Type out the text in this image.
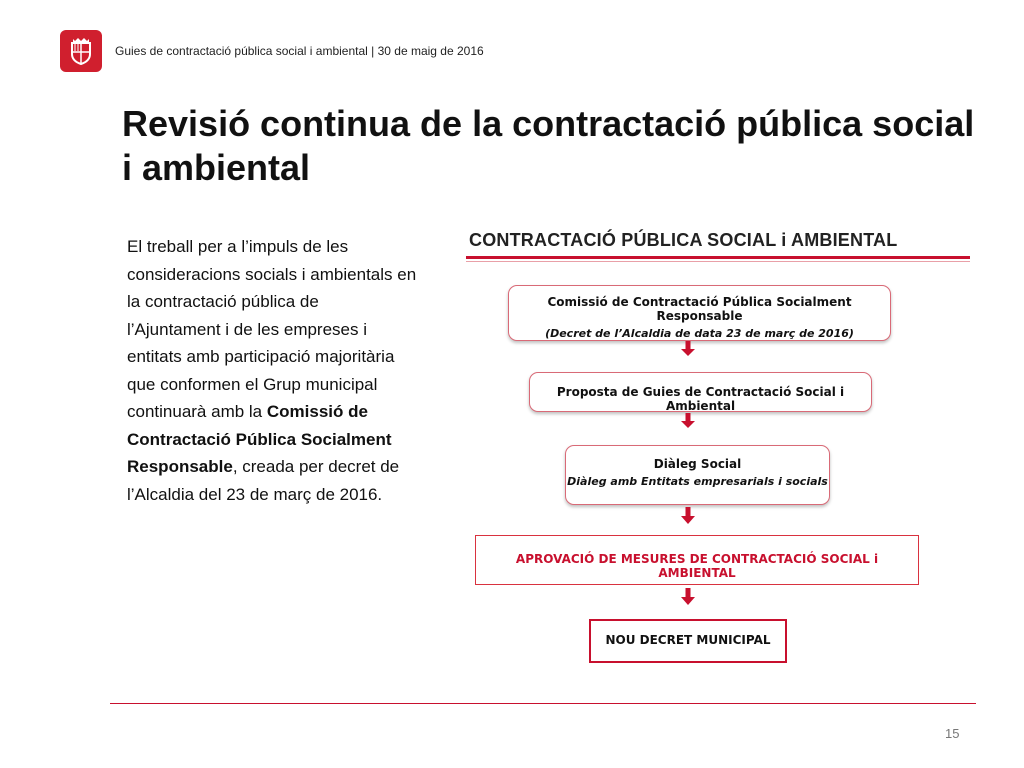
Guies de contractació pública social i ambiental | 30 de maig de 2016
Revisió continua de la contractació pública social i ambiental
El treball per a l’impuls de les consideracions socials i ambientals en la contractació pública de l’Ajuntament i de les empreses i entitats amb participació majoritària que conformen el Grup municipal continuarà amb la Comissió de Contractació Pública Socialment Responsable, creada per decret de l’Alcaldia del 23 de març de 2016.
CONTRACTACIÓ PÚBLICA SOCIAL i AMBIENTAL
Comissió de Contractació Pública Socialment Responsable
(Decret de l’Alcaldia de data 23 de març de 2016)
Proposta de Guies de Contractació Social i Ambiental
Diàleg Social
Diàleg amb Entitats empresarials i socials
APROVACIÓ DE MESURES DE CONTRACTACIÓ SOCIAL i AMBIENTAL
NOU DECRET MUNICIPAL
15
